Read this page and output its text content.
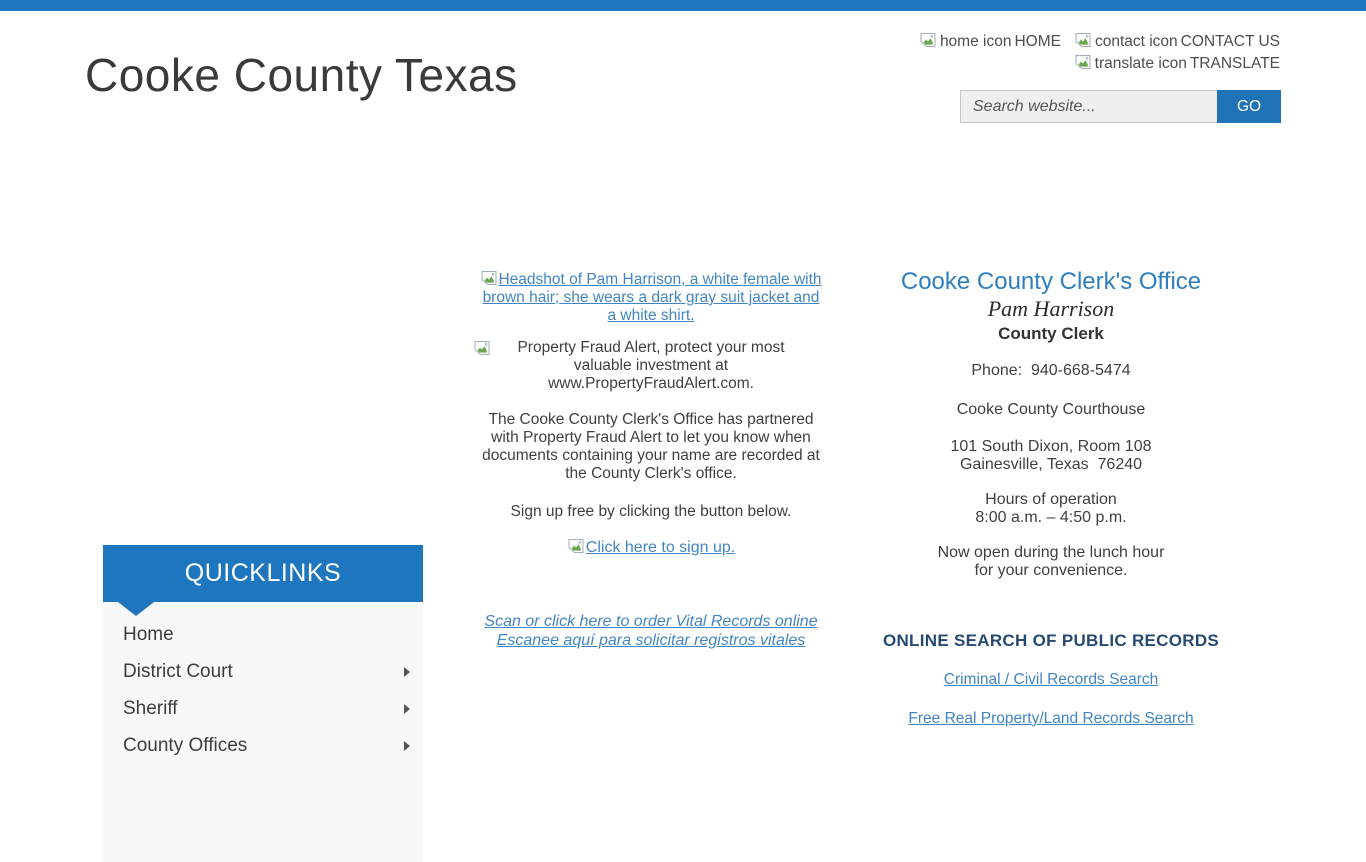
Cooke County Texas
home icon HOME contact icon CONTACT US
translate icon TRANSLATE
Search website...
GO
QUICKLINKS
Home
District Court
Sheriff
County Offices
Headshot of Pam Harrison, a white female with
brown hair; she wears a dark gray suit jacket and
a white shirt.
Property Fraud Alert, protect your most
valuable investment at
www.PropertyFraudAlert.com.
The Cooke County Clerk's Office has partnered
with Property Fraud Alert to let you know when
documents containing your name are recorded at
the County Clerk's office.
Sign up free by clicking the button below.
Click here to sign up.
Scan or click here to order Vital Records online
Escanee aquí para solicitar registros vitales
Cooke County Clerk's Office
Pam Harrison
County Clerk
Phone:  940-668-5474
Cooke County Courthouse
101 South Dixon, Room 108
Gainesville, Texas  76240
Hours of operation
8:00 a.m. – 4:50 p.m.
Now open during the lunch hour
for your convenience.
ONLINE SEARCH OF PUBLIC RECORDS
Criminal / Civil Records Search
Free Real Property/Land Records Search
